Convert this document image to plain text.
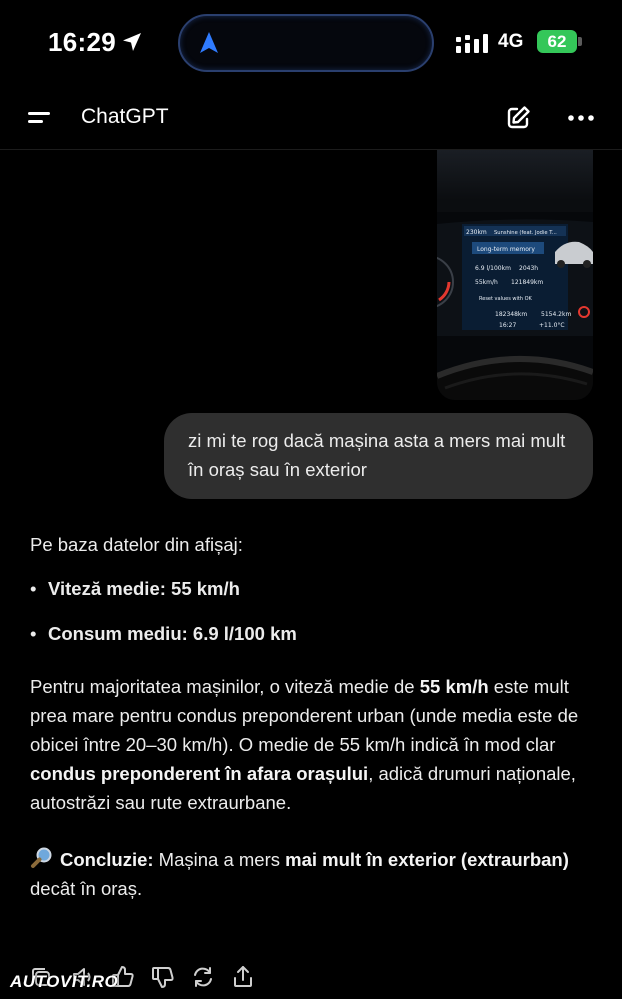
16:29	4G	62
ChatGPT
230km Sunshine (feat. Jodie T...
Long-term memory
6.9 l/100km 2043h
55km/h 121849km
Reset values with OK
182348km 5154.2km
16:27	+11.0°C
zi mi te rog dacă mașina asta a mers mai mult în oraș sau în exterior

Pe baza datelor din afișaj:

• Viteză medie: 55 km/h
• Consum mediu: 6.9 l/100 km

Pentru majoritatea mașinilor, o viteză medie de 55 km/h este mult prea mare pentru condus preponderent urban (unde media este de obicei între 20–30 km/h). O medie de 55 km/h indică în mod clar condus preponderent în afara orașului, adică drumuri naționale, autostrăzi sau rute extraurbane.

Concluzie: Mașina a mers mai mult în exterior (extraurban) decât în oraș.

AUTOVIT.RO
